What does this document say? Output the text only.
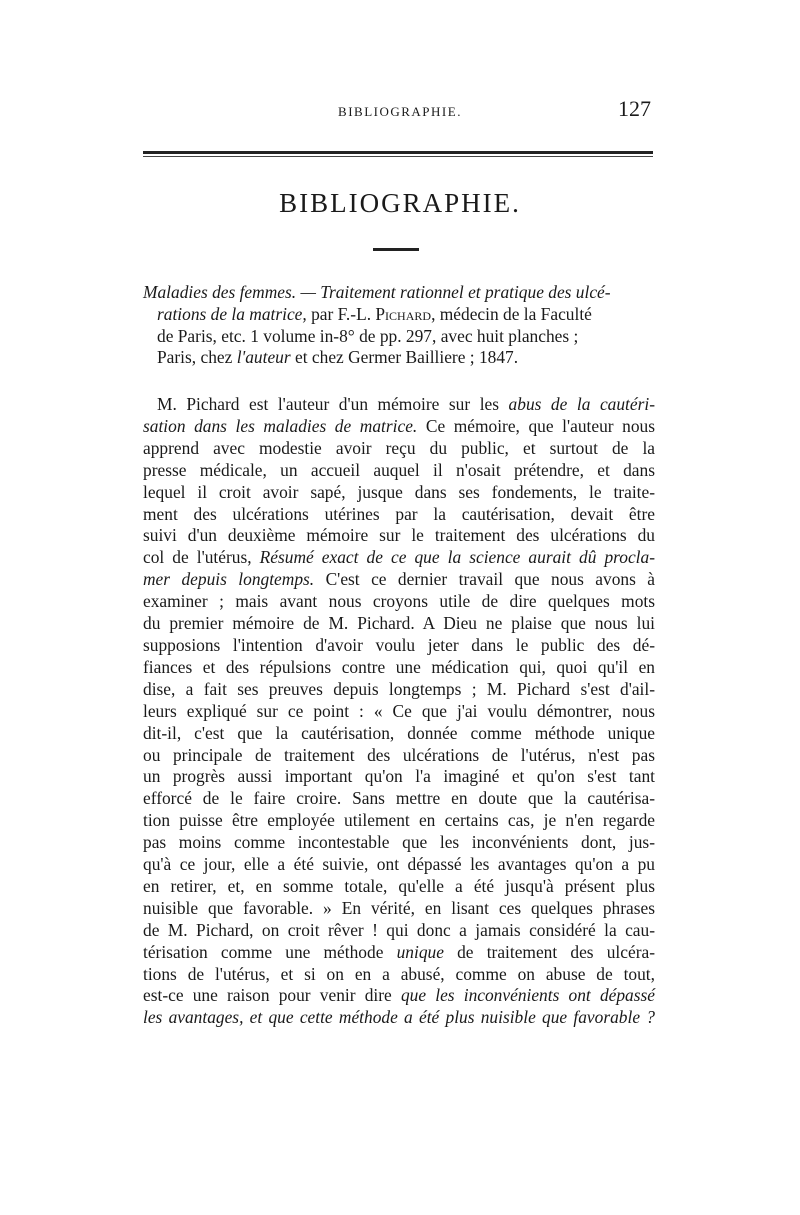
BIBLIOGRAPHIE.	127
BIBLIOGRAPHIE.
Maladies des femmes. — Traitement rationnel et pratique des ulcé-
rations de la matrice, par F.-L. Pichard, médecin de la Faculté
de Paris, etc. 1 volume in-8° de pp. 297, avec huit planches ;
Paris, chez l'auteur et chez Germer Bailliere ; 1847.
M. Pichard est l'auteur d'un mémoire sur les abus de la cautéri-
sation dans les maladies de matrice. Ce mémoire, que l'auteur nous
apprend avec modestie avoir reçu du public, et surtout de la
presse médicale, un accueil auquel il n'osait prétendre, et dans
lequel il croit avoir sapé, jusque dans ses fondements, le traite-
ment des ulcérations utérines par la cautérisation, devait être
suivi d'un deuxième mémoire sur le traitement des ulcérations du
col de l'utérus, Résumé exact de ce que la science aurait dû procla-
mer depuis longtemps. C'est ce dernier travail que nous avons à
examiner ; mais avant nous croyons utile de dire quelques mots
du premier mémoire de M. Pichard. A Dieu ne plaise que nous lui
supposions l'intention d'avoir voulu jeter dans le public des dé-
fiances et des répulsions contre une médication qui, quoi qu'il en
dise, a fait ses preuves depuis longtemps ; M. Pichard s'est d'ail-
leurs expliqué sur ce point : « Ce que j'ai voulu démontrer, nous
dit-il, c'est que la cautérisation, donnée comme méthode unique
ou principale de traitement des ulcérations de l'utérus, n'est pas
un progrès aussi important qu'on l'a imaginé et qu'on s'est tant
efforcé de le faire croire. Sans mettre en doute que la cautérisa-
tion puisse être employée utilement en certains cas, je n'en regarde
pas moins comme incontestable que les inconvénients dont, jus-
qu'à ce jour, elle a été suivie, ont dépassé les avantages qu'on a pu
en retirer, et, en somme totale, qu'elle a été jusqu'à présent plus
nuisible que favorable. » En vérité, en lisant ces quelques phrases
de M. Pichard, on croit rêver ! qui donc a jamais considéré la cau-
térisation comme une méthode unique de traitement des ulcéra-
tions de l'utérus, et si on en a abusé, comme on abuse de tout,
est-ce une raison pour venir dire que les inconvénients ont dépassé
les avantages, et que cette méthode a été plus nuisible que favorable ?
